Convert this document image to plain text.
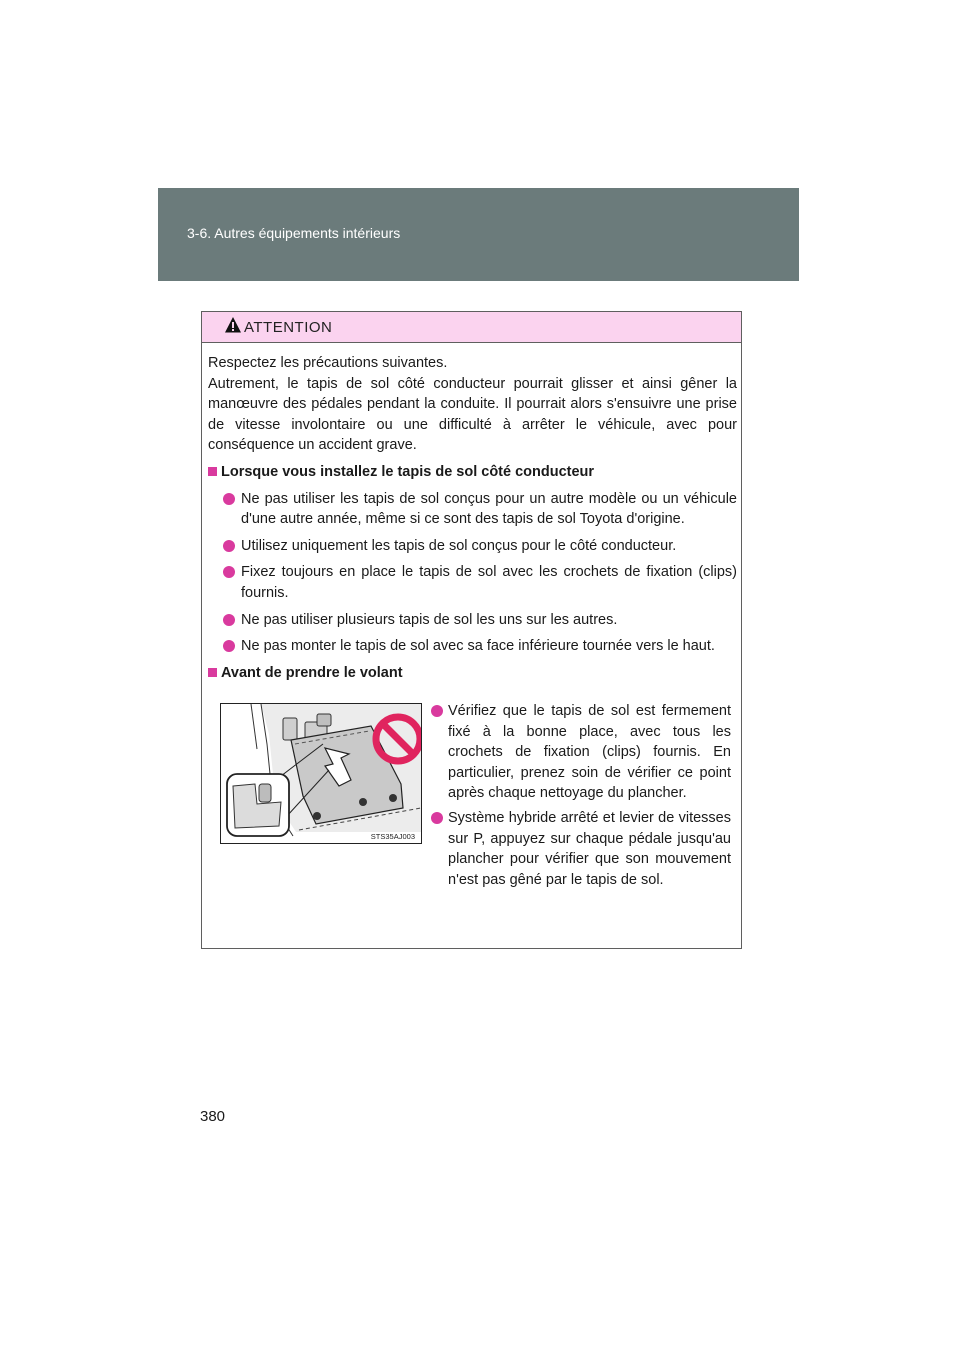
3-6. Autres équipements intérieurs
ATTENTION

Respectez les précautions suivantes.

Autrement, le tapis de sol côté conducteur pourrait glisser et ainsi gêner la manœuvre des pédales pendant la conduite. Il pourrait alors s'ensuivre une prise de vitesse involontaire ou une difficulté à arrêter le véhicule, avec pour conséquence un accident grave.

Lorsque vous installez le tapis de sol côté conducteur
Ne pas utiliser les tapis de sol conçus pour un autre modèle ou un véhicule d'une autre année, même si ce sont des tapis de sol Toyota d'origine.
Utilisez uniquement les tapis de sol conçus pour le côté conducteur.
Fixez toujours en place le tapis de sol avec les crochets de fixation (clips) fournis.
Ne pas utiliser plusieurs tapis de sol les uns sur les autres.
Ne pas monter le tapis de sol avec sa face inférieure tournée vers le haut.
Avant de prendre le volant
STS35AJ003
Vérifiez que le tapis de sol est fermement fixé à la bonne place, avec tous les crochets de fixation (clips) fournis. En particulier, prenez soin de vérifier ce point après chaque nettoyage du plancher.
Système hybride arrêté et levier de vitesses sur P, appuyez sur chaque pédale jusqu'au plancher pour vérifier que son mouvement n'est pas gêné par le tapis de sol.
380
